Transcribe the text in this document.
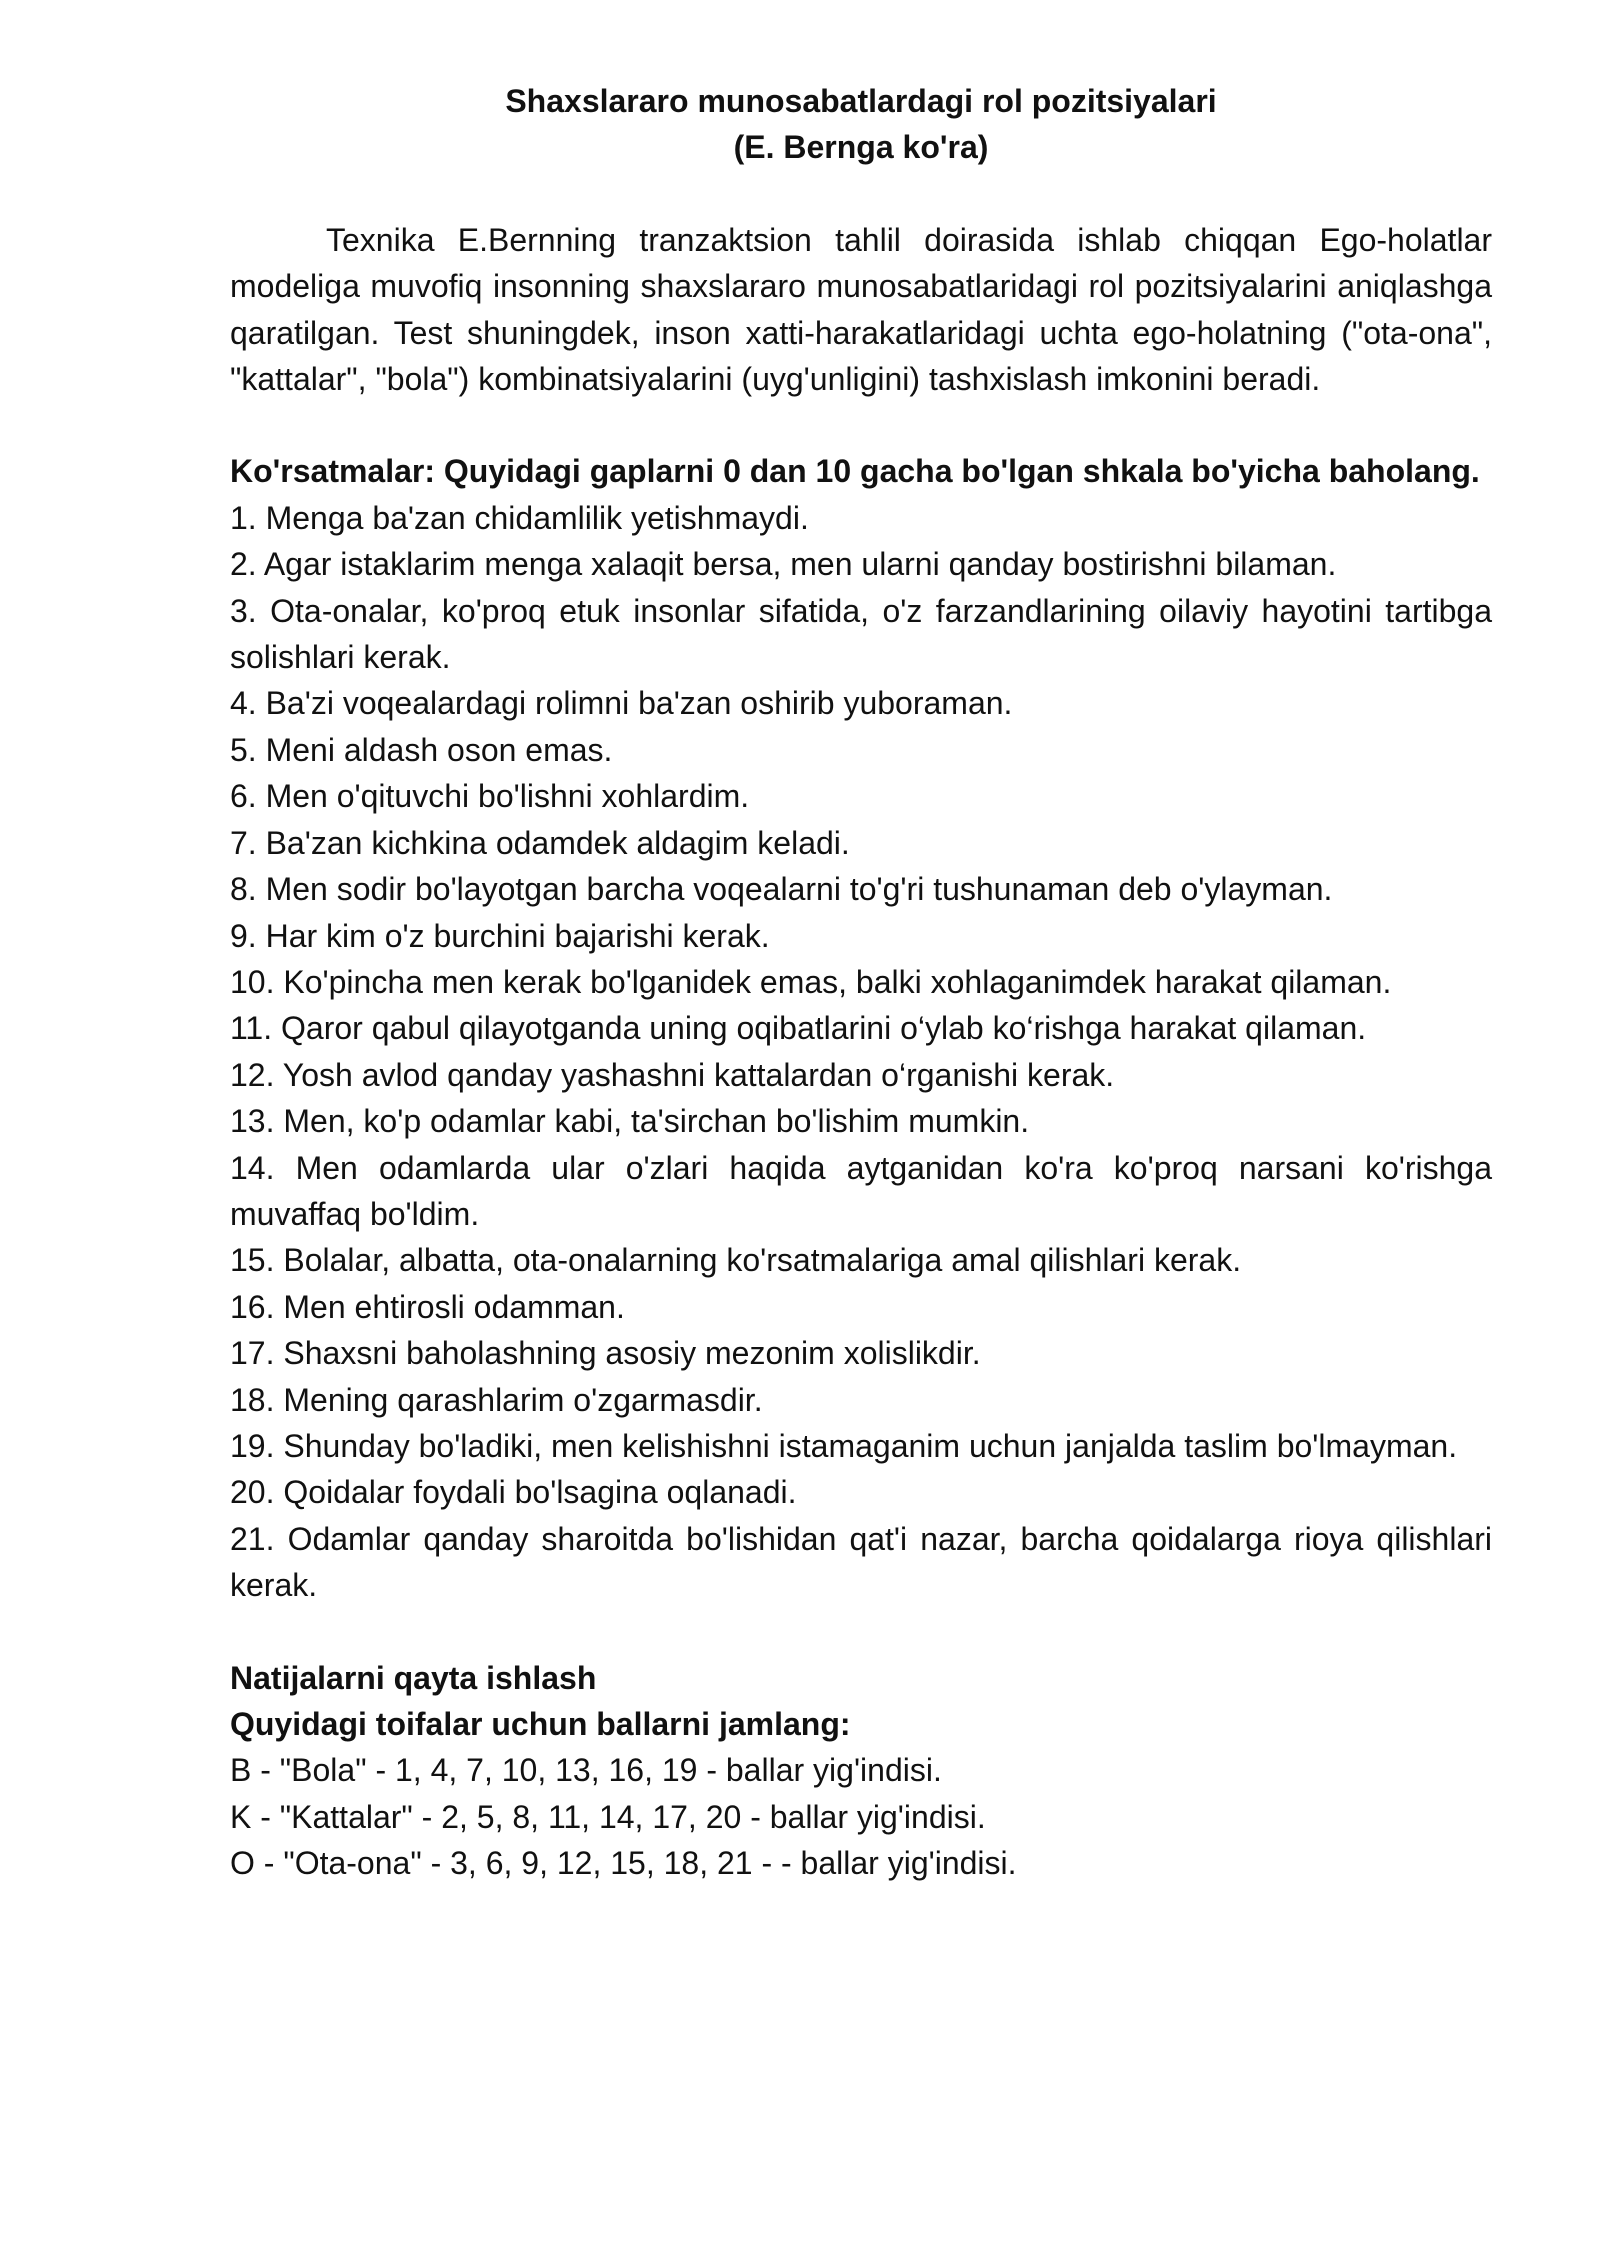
Shaxslararo munosabatlardagi rol pozitsiyalari
(E. Bernga ko'ra)

Texnika E.Bernning tranzaktsion tahlil doirasida ishlab chiqqan Ego-holatlar modeliga muvofiq insonning shaxslararo munosabatlaridagi rol pozitsiyalarini aniqlashga qaratilgan. Test shuningdek, inson xatti-harakatlaridagi uchta ego-holatning ("ota-ona", "kattalar", "bola") kombinatsiyalarini (uyg'unligini) tashxislash imkonini beradi.

Ko'rsatmalar: Quyidagi gaplarni 0 dan 10 gacha bo'lgan shkala bo'yicha baholang.

1. Menga ba'zan chidamlilik yetishmaydi.
2. Agar istaklarim menga xalaqit bersa, men ularni qanday bostirishni bilaman.
3. Ota-onalar, ko'proq etuk insonlar sifatida, o'z farzandlarining oilaviy hayotini tartibga solishlari kerak.
4. Ba'zi voqealardagi rolimni ba'zan oshirib yuboraman.
5. Meni aldash oson emas.
6. Men o'qituvchi bo'lishni xohlardim.
7. Ba'zan kichkina odamdek aldagim keladi.
8. Men sodir bo'layotgan barcha voqealarni to'g'ri tushunaman deb o'ylayman.
9. Har kim o'z burchini bajarishi kerak.
10. Ko'pincha men kerak bo'lganidek emas, balki xohlaganimdek harakat qilaman.
11. Qaror qabul qilayotganda uning oqibatlarini o‘ylab ko‘rishga harakat qilaman.
12. Yosh avlod qanday yashashni kattalardan o‘rganishi kerak.
13. Men, ko'p odamlar kabi, ta'sirchan bo'lishim mumkin.
14. Men odamlarda ular o'zlari haqida aytganidan ko'ra ko'proq narsani ko'rishga muvaffaq bo'ldim.
15. Bolalar, albatta, ota-onalarning ko'rsatmalariga amal qilishlari kerak.
16. Men ehtirosli odamman.
17. Shaxsni baholashning asosiy mezonim xolislikdir.
18. Mening qarashlarim o'zgarmasdir.
19. Shunday bo'ladiki, men kelishishni istamaganim uchun janjalda taslim bo'lmayman.
20. Qoidalar foydali bo'lsagina oqlanadi.
21. Odamlar qanday sharoitda bo'lishidan qat'i nazar, barcha qoidalarga rioya qilishlari kerak.

Natijalarni qayta ishlash

Quyidagi toifalar uchun ballarni jamlang:

B - "Bola" - 1, 4, 7, 10, 13, 16, 19 - ballar yig'indisi.
K - "Kattalar" - 2, 5, 8, 11, 14, 17, 20 - ballar yig'indisi.
O - "Ota-ona" - 3, 6, 9, 12, 15, 18, 21 - - ballar yig'indisi.
